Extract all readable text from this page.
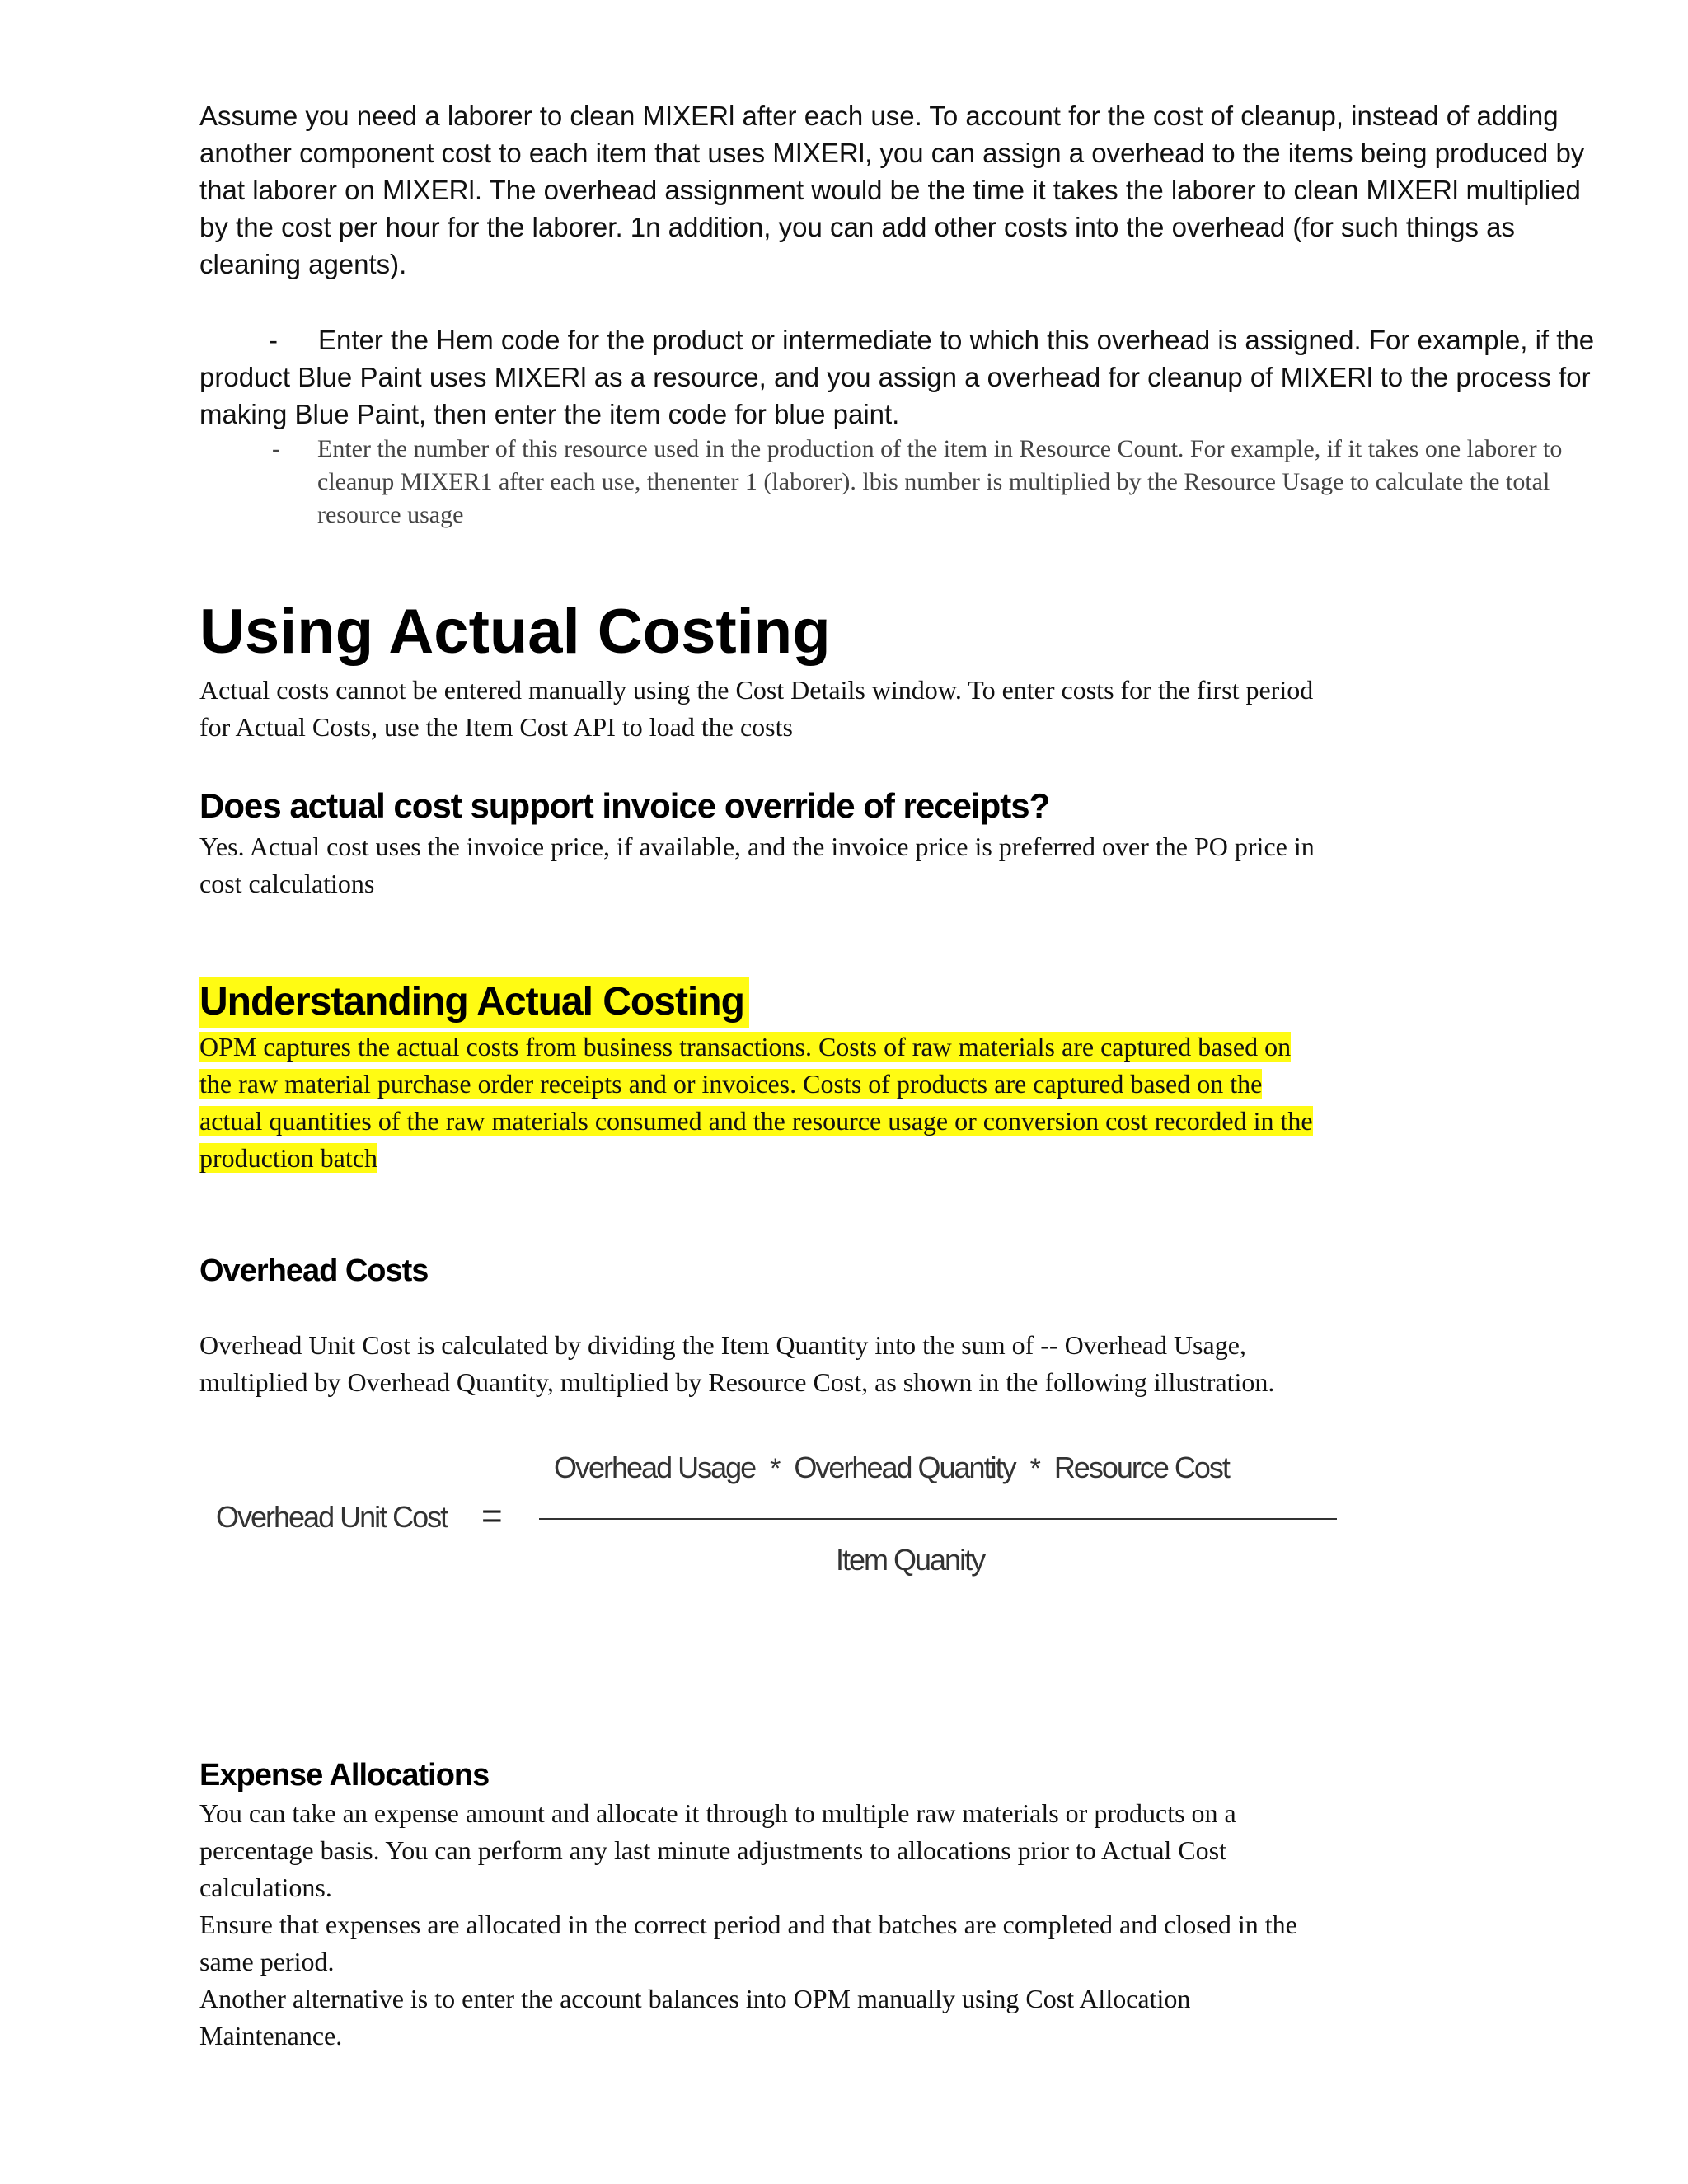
Assume you need a laborer to clean MIXERl after each use. To account for the cost of cleanup, instead of adding another component cost to each item that uses MIXERl, you can assign a overhead to the items being produced by that laborer on MIXERl. The overhead assignment would be the time it takes the laborer to clean MIXERl multiplied by the cost per hour for the laborer. 1n addition, you can add other costs into the overhead (for such things as cleaning agents).

- Enter the Hem code for the product or intermediate to which this overhead is assigned. For example, if the product Blue Paint uses MIXERl as a resource, and you assign a overhead for cleanup of MIXERl to the process for making Blue Paint, then enter the item code for blue paint.
- Enter the number of this resource used in the production of the item in Resource Count. For example, if it takes one laborer to cleanup MIXER1 after each use, thenenter 1 (laborer). lbis number is multiplied by the Resource Usage to calculate the total resource usage
Using Actual Costing

Actual costs cannot be entered manually using the Cost Details window. To enter costs for the first period for Actual Costs, use the Item Cost API to load the costs

Does actual cost support invoice override of receipts?

Yes. Actual cost uses the invoice price, if available, and the invoice price is preferred over the PO price in cost calculations

Understanding Actual Costing

OPM captures the actual costs from business transactions. Costs of raw materials are captured based on the raw material purchase order receipts and or invoices. Costs of products are captured based on the actual quantities of the raw materials consumed and the resource usage or conversion cost recorded in the production batch

Overhead Costs

Overhead Unit Cost is calculated by dividing the Item Quantity into the sum of -- Overhead Usage, multiplied by Overhead Quantity, multiplied by Resource Cost, as shown in the following illustration.

Overhead Unit Cost =
Overhead Usage * Overhead Quantity * Resource Cost
Item Quanity
Expense Allocations
You can take an expense amount and allocate it through to multiple raw materials or products on a percentage basis. You can perform any last minute adjustments to allocations prior to Actual Cost calculations.
Ensure that expenses are allocated in the correct period and that batches are completed and closed in the same period.
Another alternative is to enter the account balances into OPM manually using Cost Allocation Maintenance.
